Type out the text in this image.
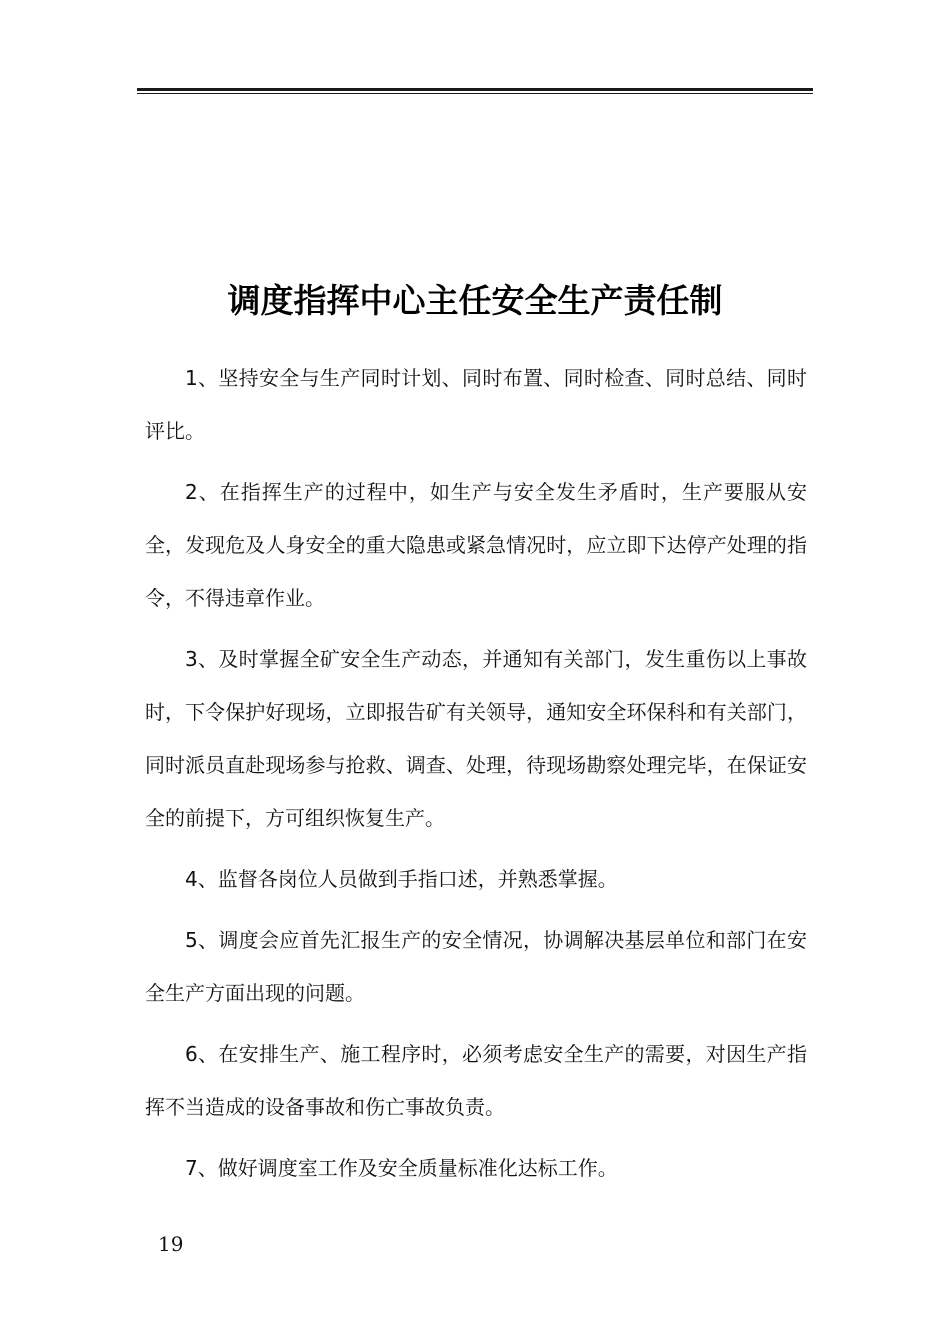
调度指挥中心主任安全生产责任制

1、坚持安全与生产同时计划、同时布置、同时检查、同时总结、同时评比。

2、在指挥生产的过程中，如生产与安全发生矛盾时，生产要服从安全，发现危及人身安全的重大隐患或紧急情况时，应立即下达停产处理的指令，不得违章作业。

3、及时掌握全矿安全生产动态，并通知有关部门，发生重伤以上事故时，下令保护好现场，立即报告矿有关领导，通知安全环保科和有关部门，同时派员直赴现场参与抢救、调查、处理，待现场勘察处理完毕，在保证安全的前提下，方可组织恢复生产。

4、监督各岗位人员做到手指口述，并熟悉掌握。

5、调度会应首先汇报生产的安全情况，协调解决基层单位和部门在安全生产方面出现的问题。

6、在安排生产、施工程序时，必须考虑安全生产的需要，对因生产指挥不当造成的设备事故和伤亡事故负责。

7、做好调度室工作及安全质量标准化达标工作。

19
